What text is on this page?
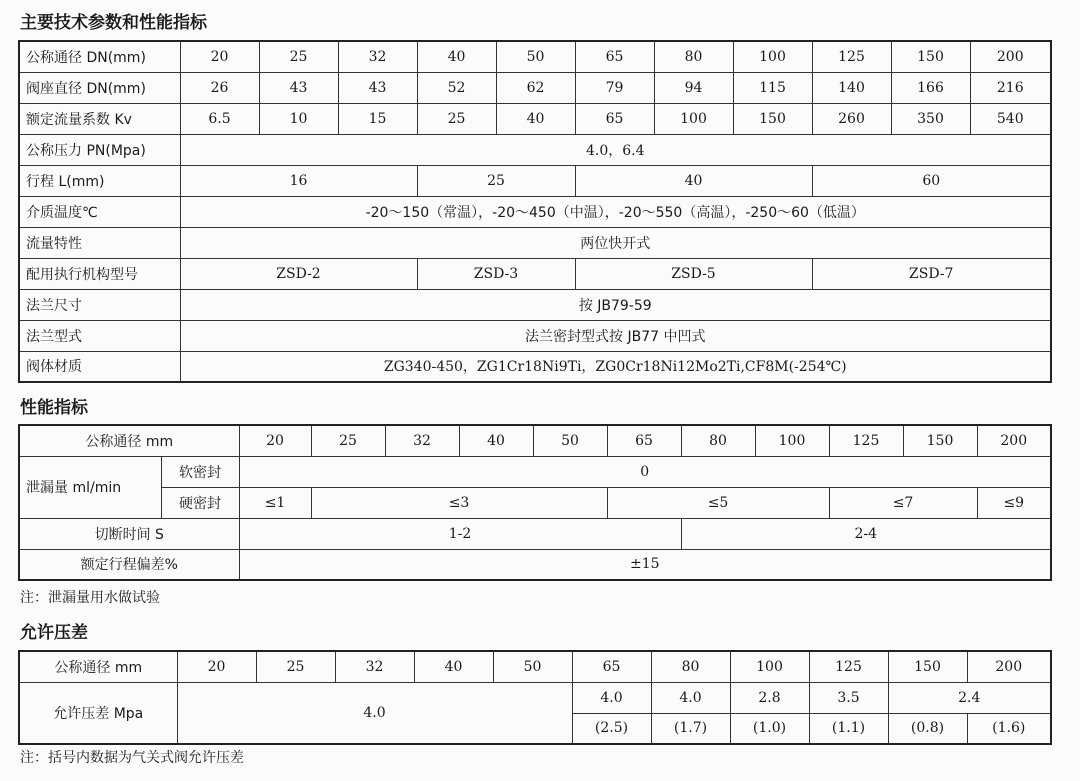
主要技术参数和性能指标
公称通径 DN(mm)	20	25	32	40	50	65	80	100	125	150	200
阀座直径 DN(mm)	26	43	43	52	62	79	94	115	140	166	216
额定流量系数 Kv	6.5	10	15	25	40	65	100	150	260	350	540
公称压力 PN(Mpa)	4.0，6.4										
行程 L(mm)	16			25		40			60		
介质温度℃	-20～150（常温），-20～450（中温），-20～550（高温），-250～60（低温）										
流量特性	两位快开式										
配用执行机构型号	ZSD-2			ZSD-3		ZSD-5			ZSD-7		
法兰尺寸	按 JB79-59										
法兰型式	法兰密封型式按 JB77 中凹式										
阀体材质	ZG340-450，ZG1Cr18Ni9Ti，ZG0Cr18Ni12Mo2Ti,CF8M(-254℃)										
性能指标
公称通径 mm		20	25	32	40	50	65	80	100	125	150	200
泄漏量 ml/min	软密封	0										
	硬密封	≤1	≤3				≤5			≤7		≤9
切断时间 S		1-2						2-4				
额定行程偏差%		±15										
注：泄漏量用水做试验
允许压差
公称通径 mm	20	25	32	40	50	65	80	100	125	150	200
允许压差 Mpa	4.0					4.0	4.0	2.8	3.5	2.4	
						(2.5)	(1.7)	(1.0)	(1.1)	(0.8)	(1.6)
注：括号内数据为气关式阀允许压差
